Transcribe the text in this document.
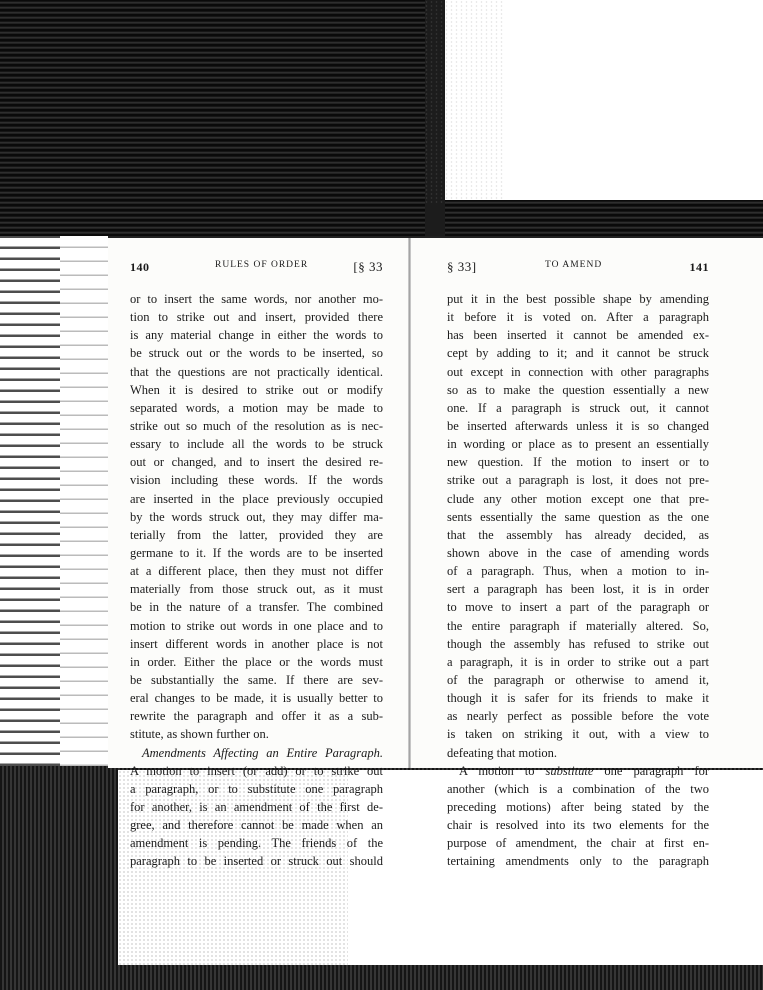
140	RULES OF ORDER	[§ 33
or to insert the same words, nor another mo-
tion to strike out and insert, provided there
is any material change in either the words to
be struck out or the words to be inserted, so
that the questions are not practically identical.
When it is desired to strike out or modify
separated words, a motion may be made to
strike out so much of the resolution as is nec-
essary to include all the words to be struck
out or changed, and to insert the desired re-
vision including these words. If the words
are inserted in the place previously occupied
by the words struck out, they may differ ma-
terially from the latter, provided they are
germane to it. If the words are to be inserted
at a different place, then they must not differ
materially from those struck out, as it must
be in the nature of a transfer. The combined
motion to strike out words in one place and to
insert different words in another place is not
in order. Either the place or the words must
be substantially the same. If there are sev-
eral changes to be made, it is usually better to
rewrite the paragraph and offer it as a sub-
stitute, as shown further on.
Amendments Affecting an Entire Paragraph.
A motion to insert (or add) or to strike out
a paragraph, or to substitute one paragraph
for another, is an amendment of the first de-
gree, and therefore cannot be made when an
amendment is pending. The friends of the
paragraph to be inserted or struck out should
§ 33]	TO AMEND	141
put it in the best possible shape by amending
it before it is voted on. After a paragraph
has been inserted it cannot be amended ex-
cept by adding to it; and it cannot be struck
out except in connection with other paragraphs
so as to make the question essentially a new
one. If a paragraph is struck out, it cannot
be inserted afterwards unless it is so changed
in wording or place as to present an essentially
new question. If the motion to insert or to
strike out a paragraph is lost, it does not pre-
clude any other motion except one that pre-
sents essentially the same question as the one
that the assembly has already decided, as
shown above in the case of amending words
of a paragraph. Thus, when a motion to in-
sert a paragraph has been lost, it is in order
to move to insert a part of the paragraph or
the entire paragraph if materially altered. So,
though the assembly has refused to strike out
a paragraph, it is in order to strike out a part
of the paragraph or otherwise to amend it,
though it is safer for its friends to make it
as nearly perfect as possible before the vote
is taken on striking it out, with a view to
defeating that motion.
A motion to substitute one paragraph for
another (which is a combination of the two
preceding motions) after being stated by the
chair is resolved into its two elements for the
purpose of amendment, the chair at first en-
tertaining amendments only to the paragraph
